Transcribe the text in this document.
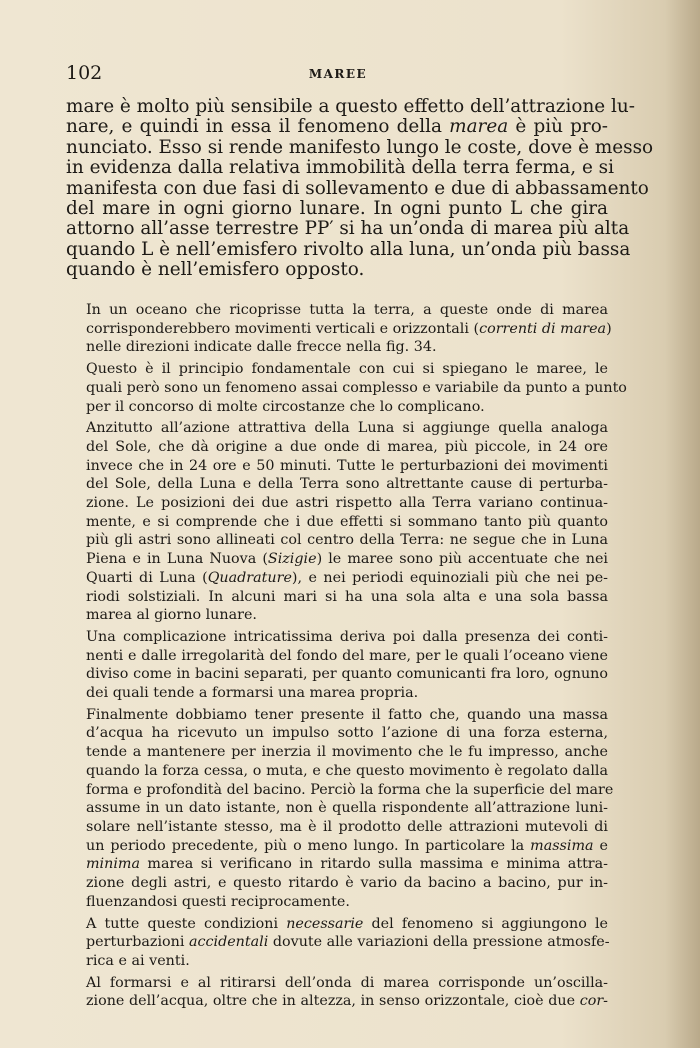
102	MAREE

mare è molto più sensibile a questo effetto dell’attrazione lu-
nare, e quindi in essa il fenomeno della marea è più pro-
nunciato. Esso si rende manifesto lungo le coste, dove è messo
in evidenza dalla relativa immobilità della terra ferma, e si
manifesta con due fasi di sollevamento e due di abbassamento
del mare in ogni giorno lunare. In ogni punto L che gira
attorno all’asse terrestre PP′ si ha un’onda di marea più alta
quando L è nell’emisfero rivolto alla luna, un’onda più bassa
quando è nell’emisfero opposto.

In un oceano che ricoprisse tutta la terra, a queste onde di marea
corrisponderebbero movimenti verticali e orizzontali (correnti di marea)
nelle direzioni indicate dalle frecce nella fig. 34.

Questo è il principio fondamentale con cui si spiegano le maree, le
quali però sono un fenomeno assai complesso e variabile da punto a punto
per il concorso di molte circostanze che lo complicano.

Anzitutto all’azione attrattiva della Luna si aggiunge quella analoga
del Sole, che dà origine a due onde di marea, più piccole, in 24 ore
invece che in 24 ore e 50 minuti. Tutte le perturbazioni dei movimenti
del Sole, della Luna e della Terra sono altrettante cause di perturba-
zione. Le posizioni dei due astri rispetto alla Terra variano continua-
mente, e si comprende che i due effetti si sommano tanto più quanto
più gli astri sono allineati col centro della Terra: ne segue che in Luna
Piena e in Luna Nuova (Sizigie) le maree sono più accentuate che nei
Quarti di Luna (Quadrature), e nei periodi equinoziali più che nei pe-
riodi solstiziali. In alcuni mari si ha una sola alta e una sola bassa
marea al giorno lunare.

Una complicazione intricatissima deriva poi dalla presenza dei conti-
nenti e dalle irregolarità del fondo del mare, per le quali l’oceano viene
diviso come in bacini separati, per quanto comunicanti fra loro, ognuno
dei quali tende a formarsi una marea propria.

Finalmente dobbiamo tener presente il fatto che, quando una massa
d’acqua ha ricevuto un impulso sotto l’azione di una forza esterna,
tende a mantenere per inerzia il movimento che le fu impresso, anche
quando la forza cessa, o muta, e che questo movimento è regolato dalla
forma e profondità del bacino. Perciò la forma che la superficie del mare
assume in un dato istante, non è quella rispondente all’attrazione luni-
solare nell’istante stesso, ma è il prodotto delle attrazioni mutevoli di
un periodo precedente, più o meno lungo. In particolare la massima e
minima marea si verificano in ritardo sulla massima e minima attra-
zione degli astri, e questo ritardo è vario da bacino a bacino, pur in-
fluenzandosi questi reciprocamente.

A tutte queste condizioni necessarie del fenomeno si aggiungono le
perturbazioni accidentali dovute alle variazioni della pressione atmosfe-
rica e ai venti.

Al formarsi e al ritirarsi dell’onda di marea corrisponde un’oscilla-
zione dell’acqua, oltre che in altezza, in senso orizzontale, cioè due cor-
